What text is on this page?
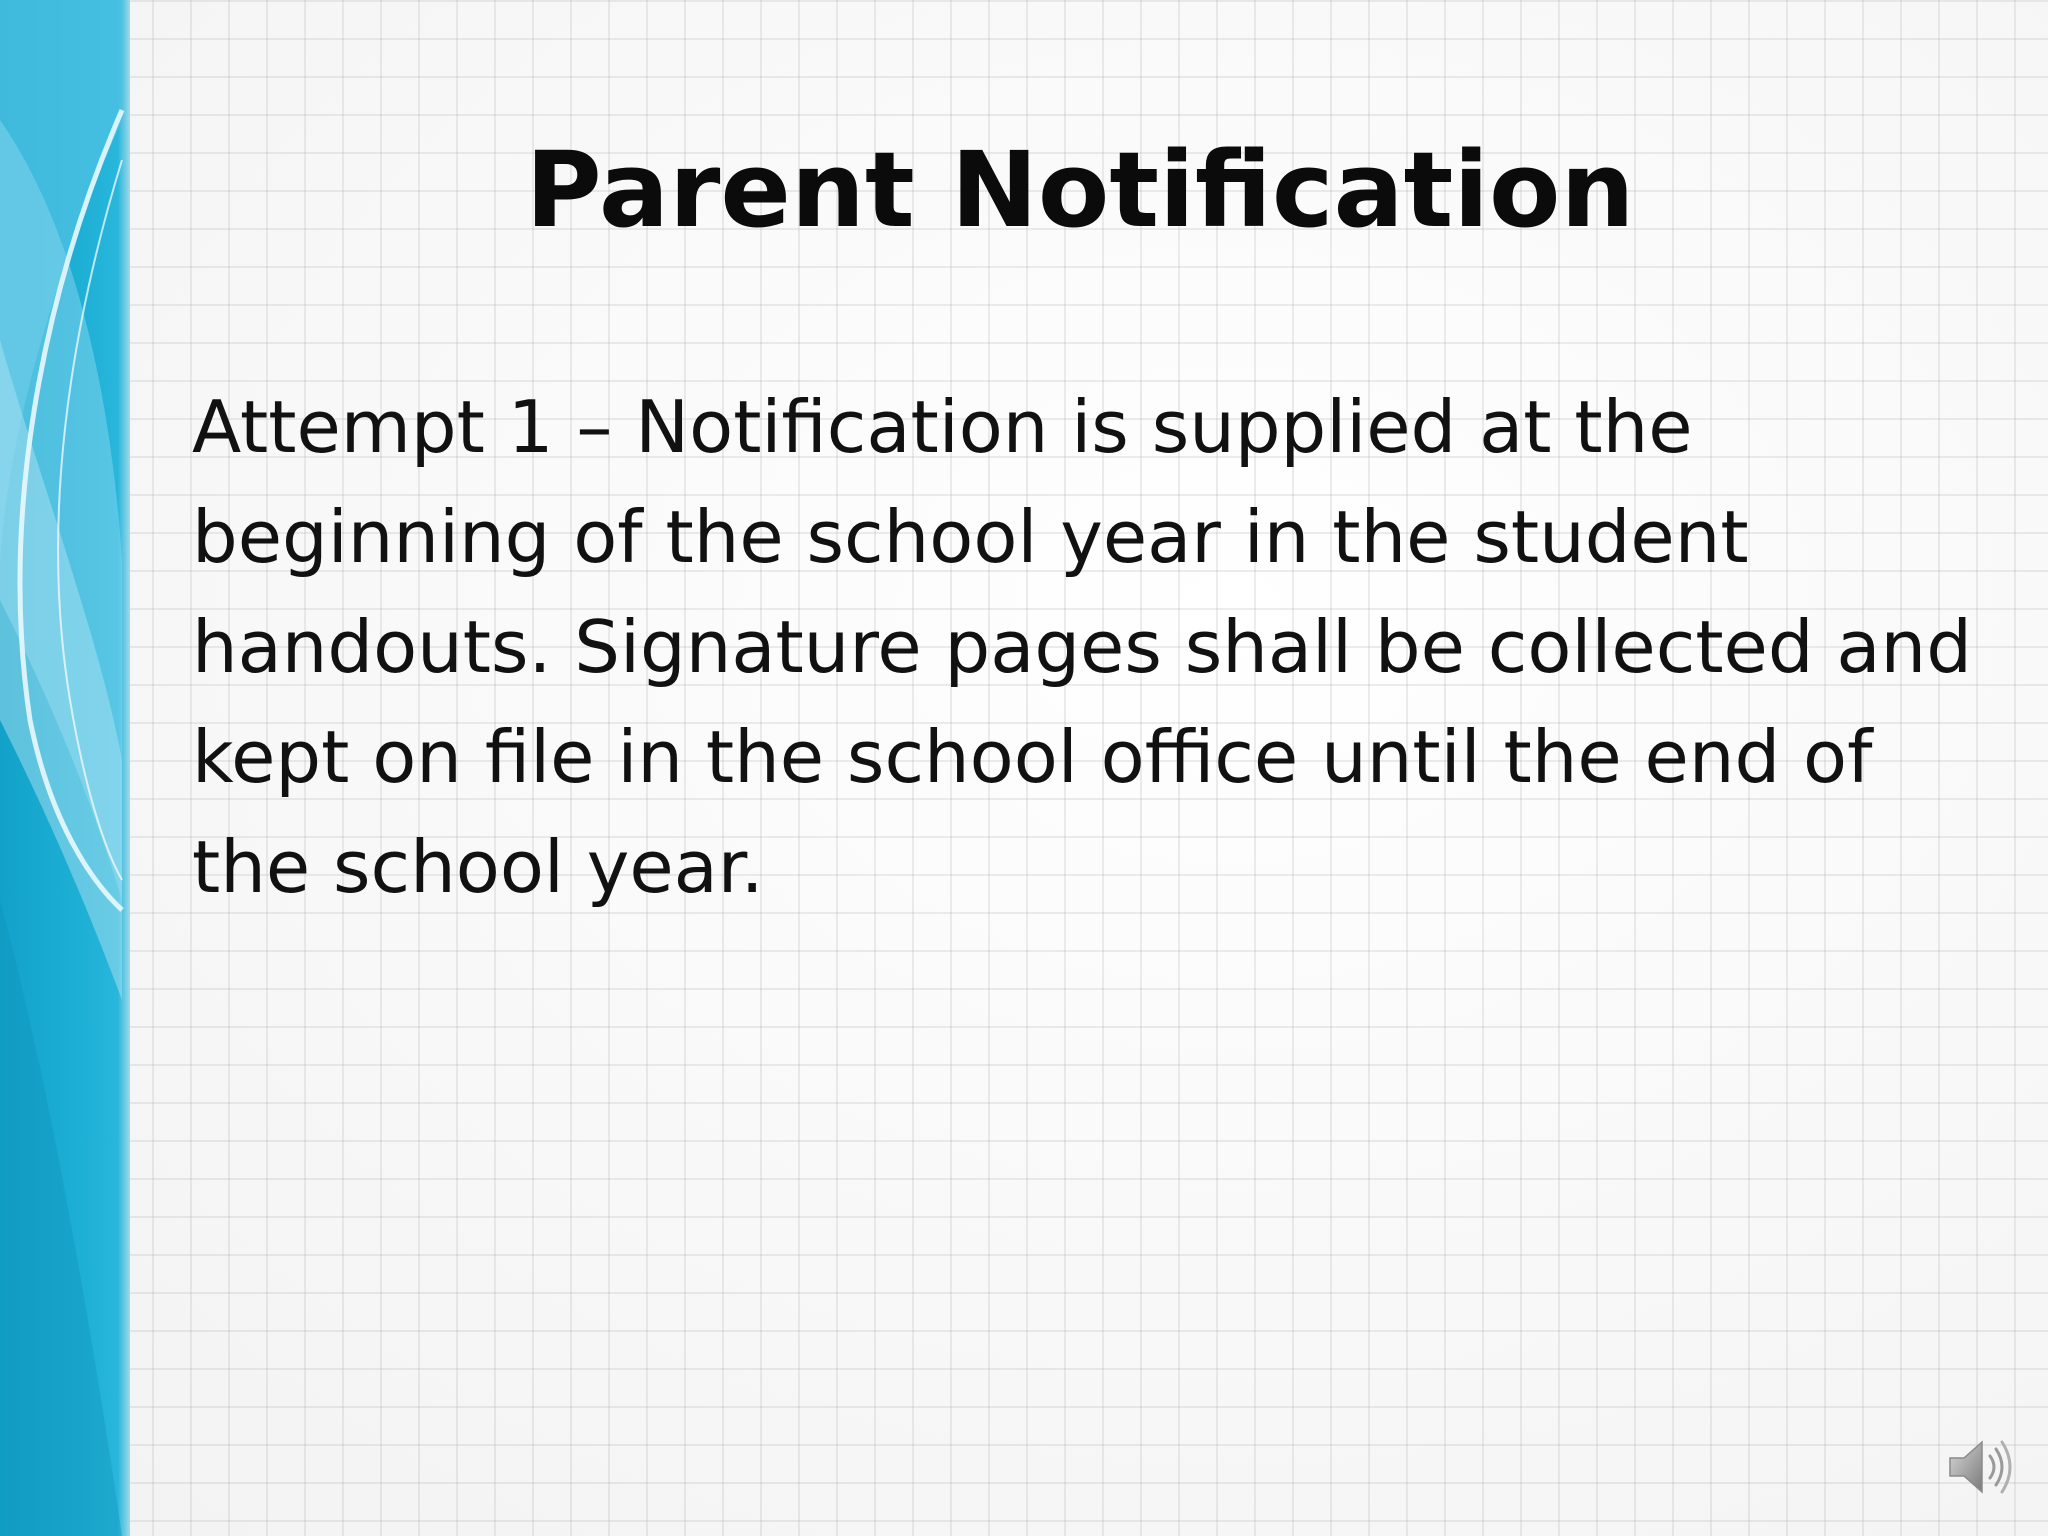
Parent Notification

Attempt 1 – Notification is supplied at the beginning of the school year in the student handouts. Signature pages shall be collected and kept on file in the school office until the end of the school year.
